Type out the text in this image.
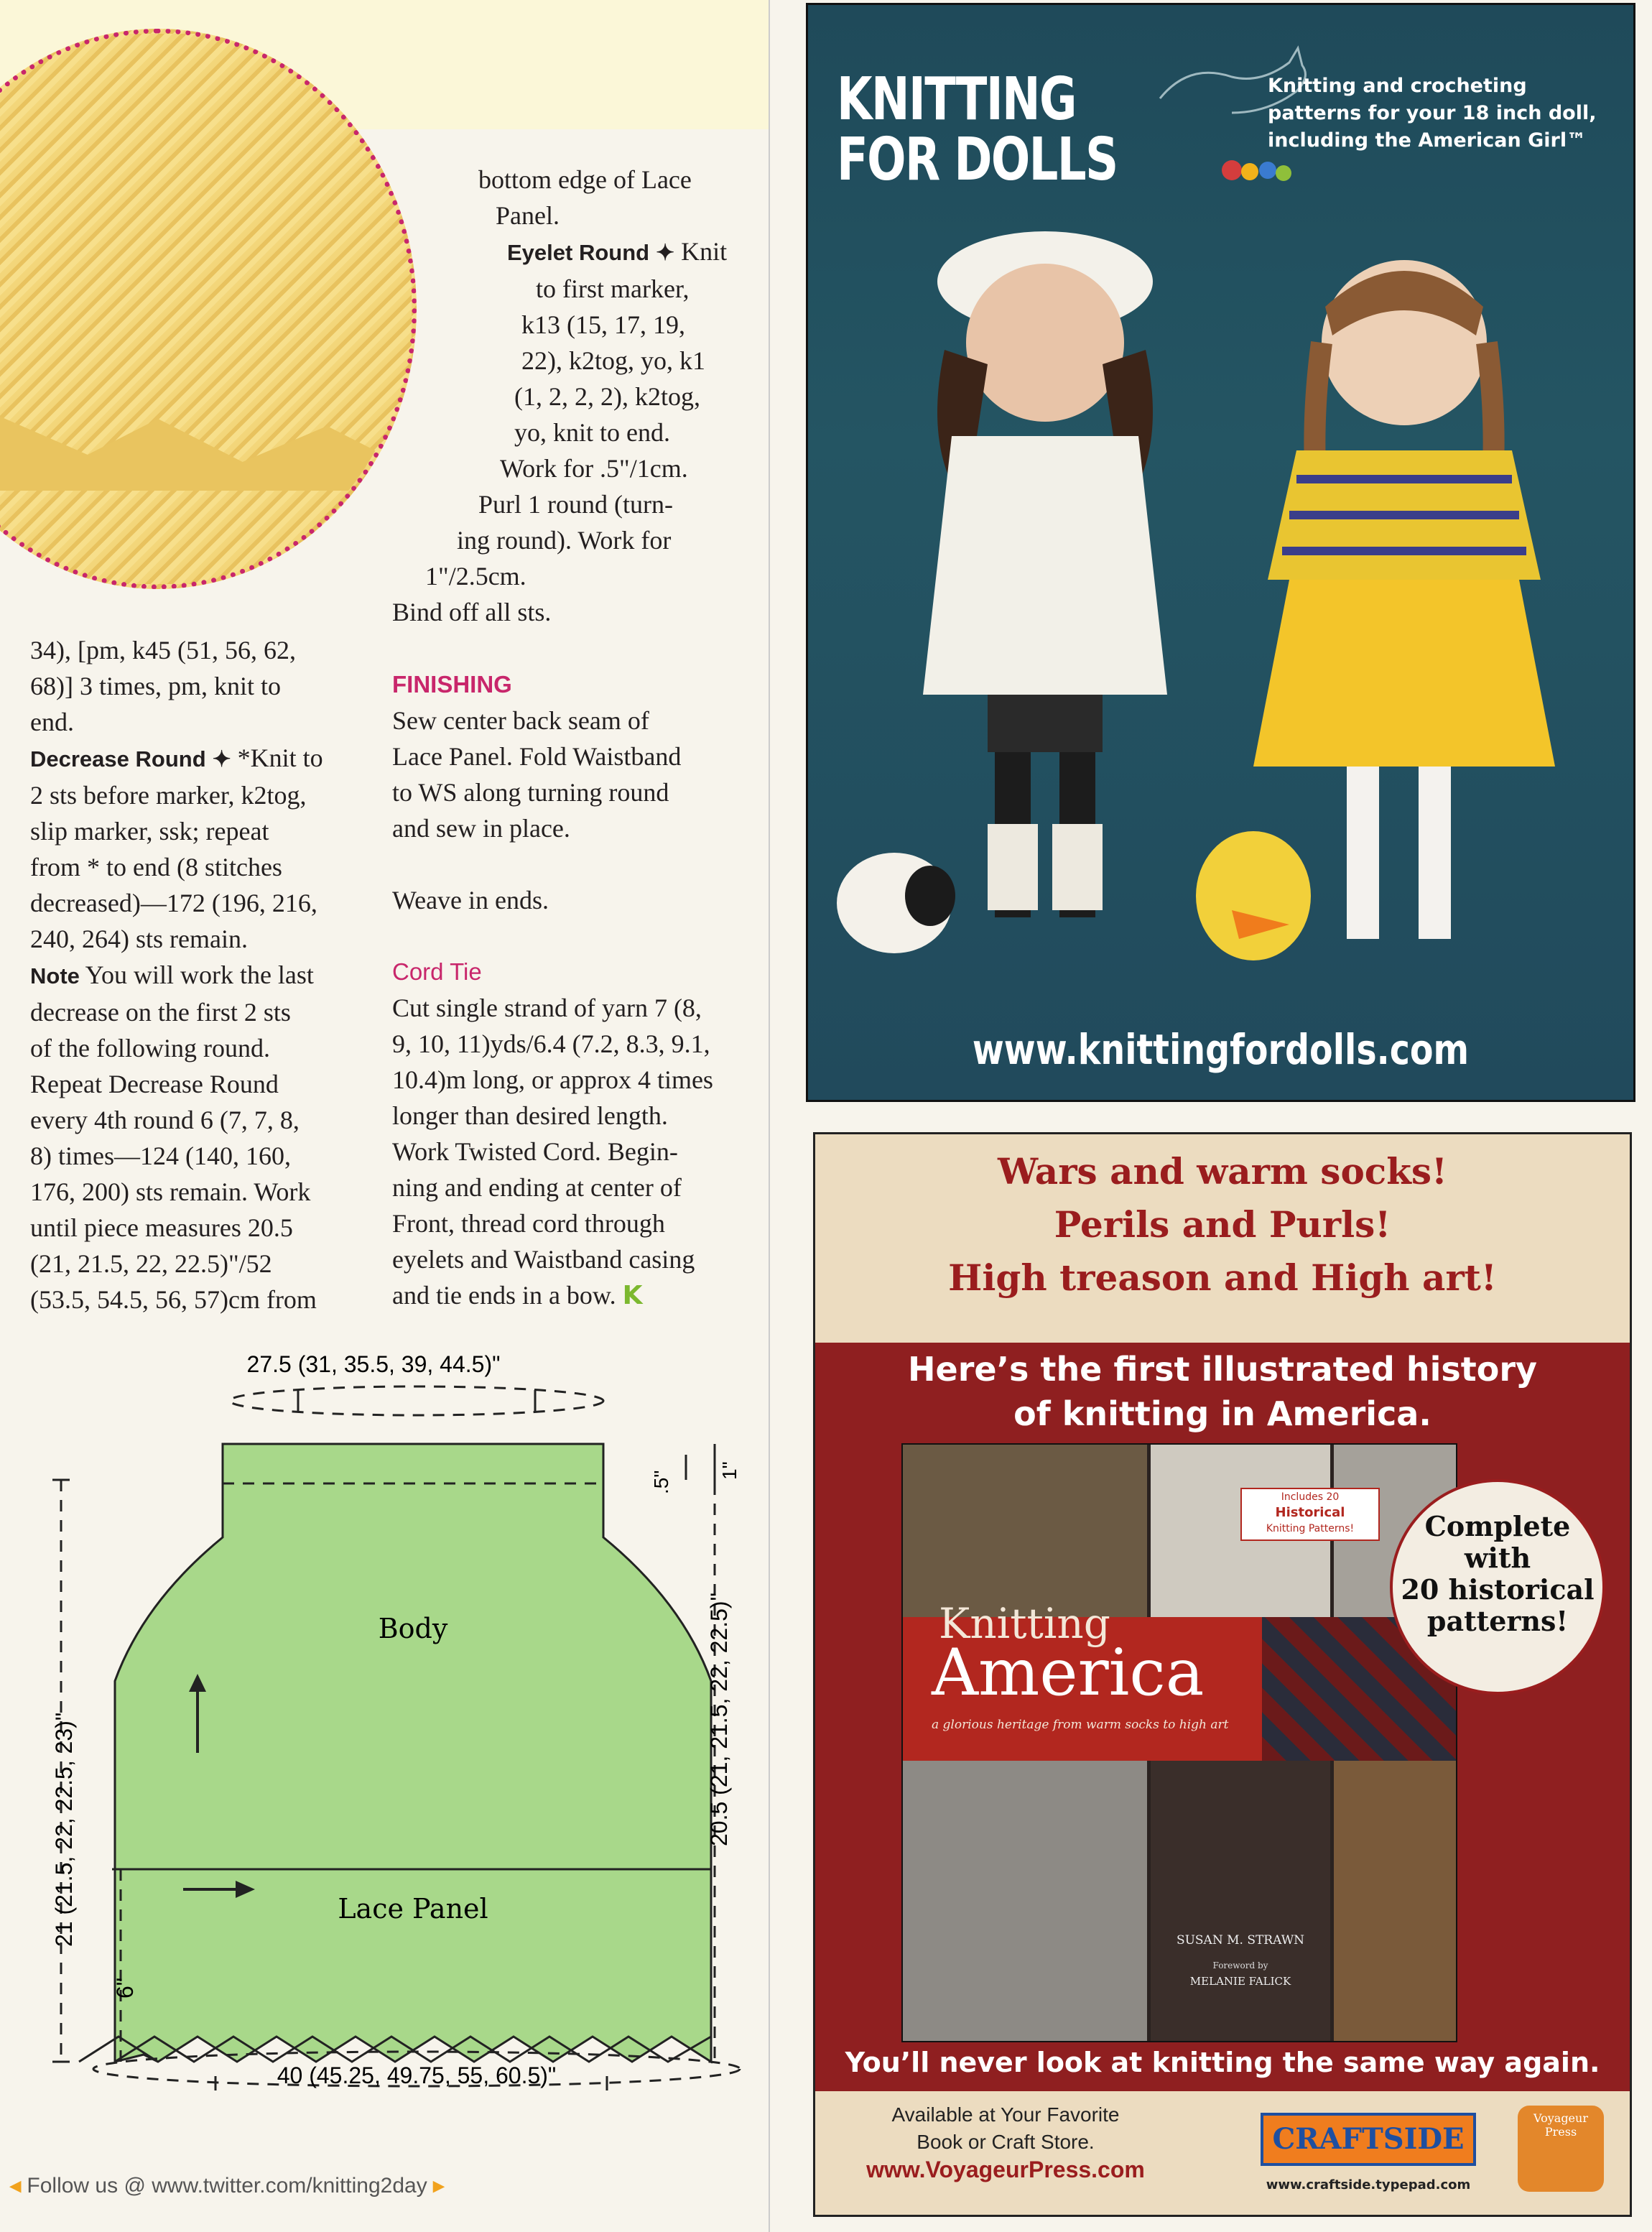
bottom edge of Lace

Panel.

Eyelet Round ✦ Knit

to first marker,

k13 (15, 17, 19,

22), k2tog, yo, k1

(1, 2, 2, 2), k2tog,

yo, knit to end.

Work for .5"/1cm.

Purl 1 round (turn-

ing round). Work for

1"/2.5cm.

Bind off all sts.

34), [pm, k45 (51, 56, 62,

68)] 3 times, pm, knit to

end.

Decrease Round ✦ *Knit to

2 sts before marker, k2tog,

slip marker, ssk; repeat

from * to end (8 stitches

decreased)—172 (196, 216,

240, 264) sts remain.

Note You will work the last

decrease on the first 2 sts

of the following round.

Repeat Decrease Round

every 4th round 6 (7, 7, 8,

8) times—124 (140, 160,

176, 200) sts remain. Work

until piece measures 20.5

(21, 21.5, 22, 22.5)"/52

(53.5, 54.5, 56, 57)cm from

FINISHING

Sew center back seam of

Lace Panel. Fold Waistband

to WS along turning round

and sew in place.

Weave in ends.

Cord Tie

Cut single strand of yarn 7 (8,

9, 10, 11)yds/6.4 (7.2, 8.3, 9.1,

10.4)m long, or approx 4 times

longer than desired length.

Work Twisted Cord. Begin-

ning and ending at center of

Front, thread cord through

eyelets and Waistband casing

and tie ends in a bow. K

27.5 (31, 35.5, 39, 44.5)"
40 (45.25, 49.75, 55, 60.5)"
21 (21.5, 22, 22.5, 23)"
6"
20.5 (21, 21.5, 22, 22.5)"
.5" 1"
Body
Lace Panel
◂ Follow us @ www.twitter.com/knitting2day ▸
KNITTING
FOR DOLLS
Knitting and crocheting
patterns for your 18 inch doll,
including the American Girl™
www.knittingfordolls.com
Wars and warm socks!
Perils and Purls!
High treason and High art!
Here’s the first illustrated history
of knitting in America.
Includes 20
Historical
Knitting Patterns!
Knitting
America
a glorious heritage from warm socks to high art
SUSAN M. STRAWN
Foreword by
MELANIE FALICK
Complete
with
20 historical
patterns!
You’ll never look at knitting the same way again.
Available at Your Favorite
Book or Craft Store.
www.VoyageurPress.com
CRAFTSIDE
www.craftside.typepad.com
Voyageur
Press
